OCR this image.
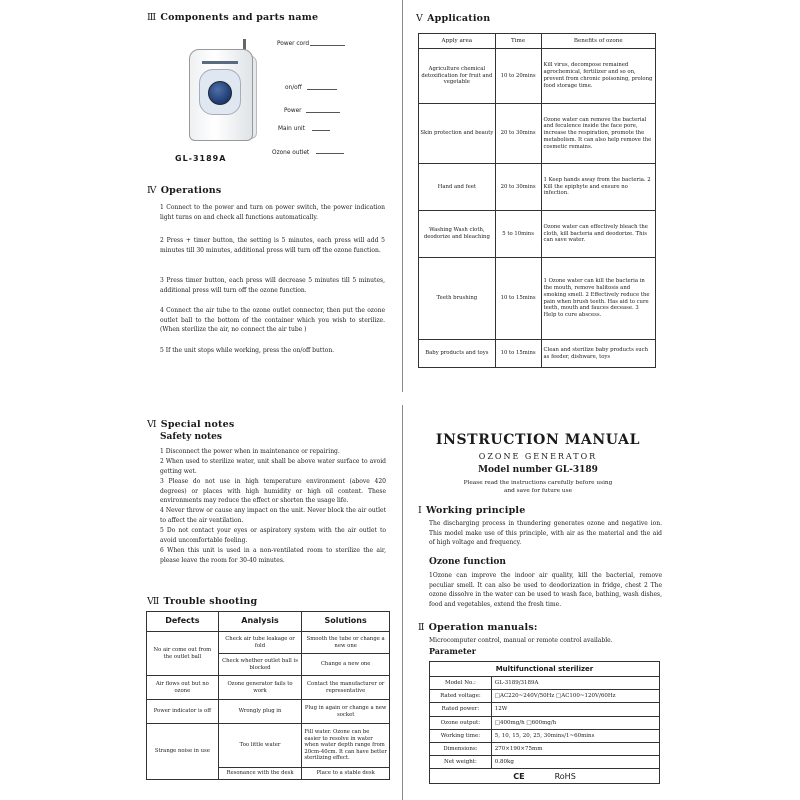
Ⅲ Components and parts name
Power cord
on/off
Power
Main unit
Ozone outlet
GL-3189A
Ⅳ Operations
1 Connect to the power and turn on power switch, the power indication light turns on and check all functions automatically.
2 Press + timer button, the setting is 5 minutes, each press will add 5 minutes till 30 minutes, additional press will turn off the ozone function.
3 Press timer button, each press will decrease 5 minutes till 5 minutes, additional press will turn off the ozone function.
4 Connect the air tube to the ozone outlet connector, then put the ozone outlet ball to the bottom of the container which you wish to sterilize. (When sterilize the air, no connect the air tube )
5 If the unit stops while working, press the on/off button.
Ⅴ Application
Apply area	Time	Benefits of ozone
Agriculture chemical detoxification for fruit and vegetable	10 to 20mins	Kill virus, decompose remained agrochemical, fertilizer and so on, prevent from chronic poisoning, prolong food storage time.
Skin protection and beauty	20 to 30mins	Ozone water can remove the bacterial and feculence inside the face pore, increase the respiration, promote the metabolism. It can also help remove the cosmetic remains.
Hand and feet	20 to 30mins	1 Keep hands away from the bacteria. 2 Kill the epiphyte and ensure no infection.
Washing Wash cloth, deodorize and bleaching	5 to 10mins	Ozone water can effectively bleach the cloth, kill bacteria and deodorize. This can save water.
Teeth brushing	10 to 15mins	1 Ozone water can kill the bacteria in the mouth, remove halitosis and smoking smell. 2 Effectively reduce the pain when brush teeth. Has aid to cure teeth, mouth and fauces decease. 3 Help to cure abscess.
Baby products and toys	10 to 15mins	Clean and sterilize baby products such as feeder, dishware, toys
Ⅵ Special notes
Safety notes
1 Disconnect the power when in maintenance or repairing.
2 When used to sterilize water, unit shall be above water surface to avoid getting wet.
3 Please do not use in high temperature environment (above 420 degrees) or places with high humidity or high oil content. These environments may reduce the effect or shorten the usage life.
4 Never throw or cause any impact on the unit. Never block the air outlet to affect the air ventilation.
5 Do not contact your eyes or aspiratory system with the air outlet to avoid uncomfortable feeling.
6 When this unit is used in a non-ventilated room to sterilize the air, please leave the room for 30-40 minutes.
Ⅶ Trouble shooting
Defects	Analysis	Solutions
No air come out from the outlet ball	Check air tube leakage or fold	Smooth the tube or change a new one
	Check whether outlet ball is blocked	Change a new one
Air flows out but no ozone	Ozone generator fails to work	Contact the manufacturer or representative
Power indicator is off	Wrongly plug in	Plug in again or change a new socket
Strange noise in use	Too little water	Fill water. Ozone can be easier to resolve in water when water depth range from 20cm-40cm. It can have better sterilizing effect.
	Resonance with the desk	Place to a stable desk
INSTRUCTION MANUAL
OZONE GENERATOR
Model number GL-3189
Please read the instructions carefully before using and save for future use
Ⅰ Working principle
The discharging process in thundering generates ozone and negative ion. This model make use of this principle, with air as the material and the aid of high voltage and frequency.
Ozone function
1Ozone can improve the indoor air quality, kill the bacterial, remove peculiar smell. It can also be used to deodorization in fridge, chest 2 The ozone dissolve in the water can be used to wash face, bathing, wash dishes, food and vegetables, extend the fresh time.
Ⅱ Operation manuals:
Microcomputer control, manual or remote control available.
Parameter
Multifunctional sterilizer	
Model No.:	GL-3189/3189A
Rated voltage:	□AC220~240V/50Hz □AC100~120V/60Hz
Rated power:	12W
Ozone output:	□400mg/h □600mg/h
Working time:	5, 10, 15, 20, 25, 30mins/1~60mins
Dimensions:	270×190×75mm
Net weight:	0.80kg
CE RoHS	
